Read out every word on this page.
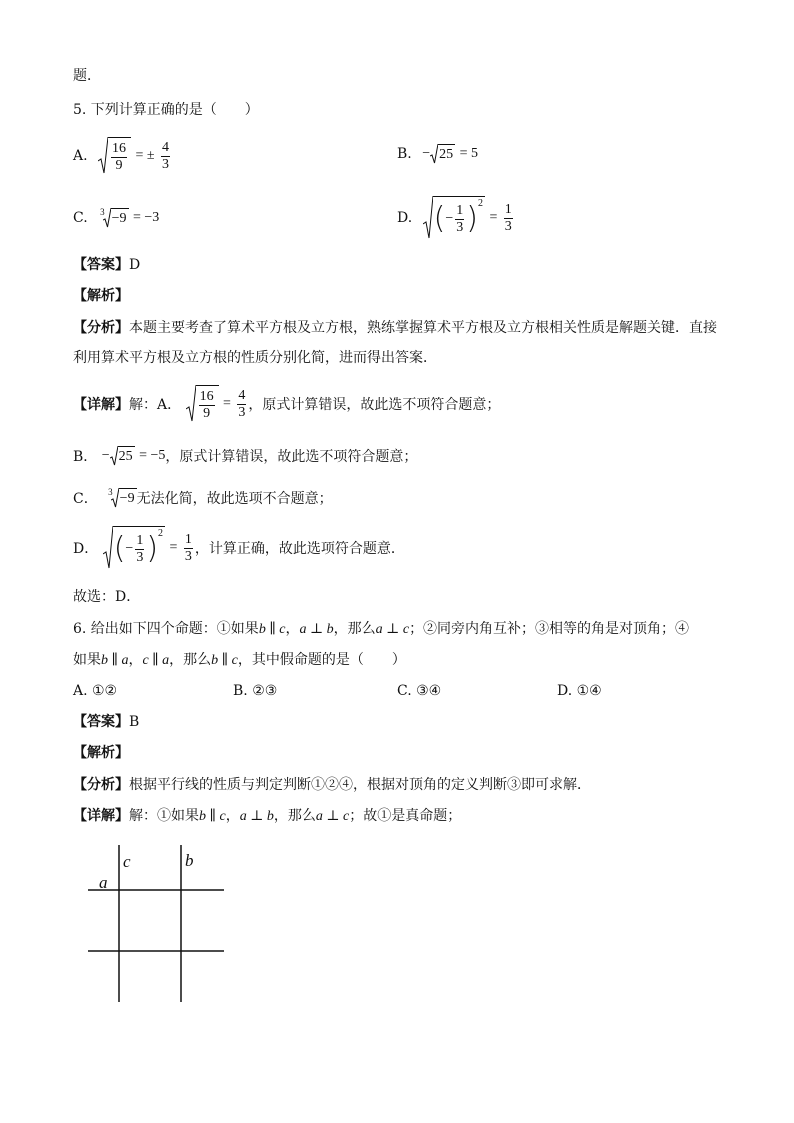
题．
5. 下列计算正确的是（　　）
A. $\frac{16}{9}$ = ± $\frac{4}{3}$	B. − 25 = 5
C. $^3$ −9 = −3	D. ( − $\frac{1}{3}$ ) 2
= $\frac{1}{3}$
【答案】D
【解析】
【分析】本题主要考查了算术平方根及立方根，熟练掌握算术平方根及立方根相关性质是解题关键．直接
利用算术平方根及立方根的性质分别化简，进而得出答案．
【详解】解：A． $\frac{16}{9} = \frac{4}{3}$ ，原式计算错误，故此选不项符合题意；
B． − 25 = −5，原式计算错误，故此选不项符合题意；
C． $^3$ −9 无法化简，故此选项不合题意；
D． ( − $\frac{1}{3}$ ) 2
= $\frac{1}{3}$ ，计算正确，故此选项符合题意．
故选：D．
6. 给出如下四个命题：①如果b ∥ c，a ⊥ b，那么a ⊥ c；②同旁内角互补；③相等的角是对顶角；④
如果b ∥ a，c ∥ a，那么b ∥ c，其中假命题的是（　　）
A. ①②	B. ②③	C. ③④	D. ①④
【答案】B
【解析】
【分析】根据平行线的性质与判定判断①②④，根据对顶角的定义判断③即可求解．
【详解】解：①如果b ∥ c，a ⊥ b，那么a ⊥ c；故①是真命题；
c	b
a
